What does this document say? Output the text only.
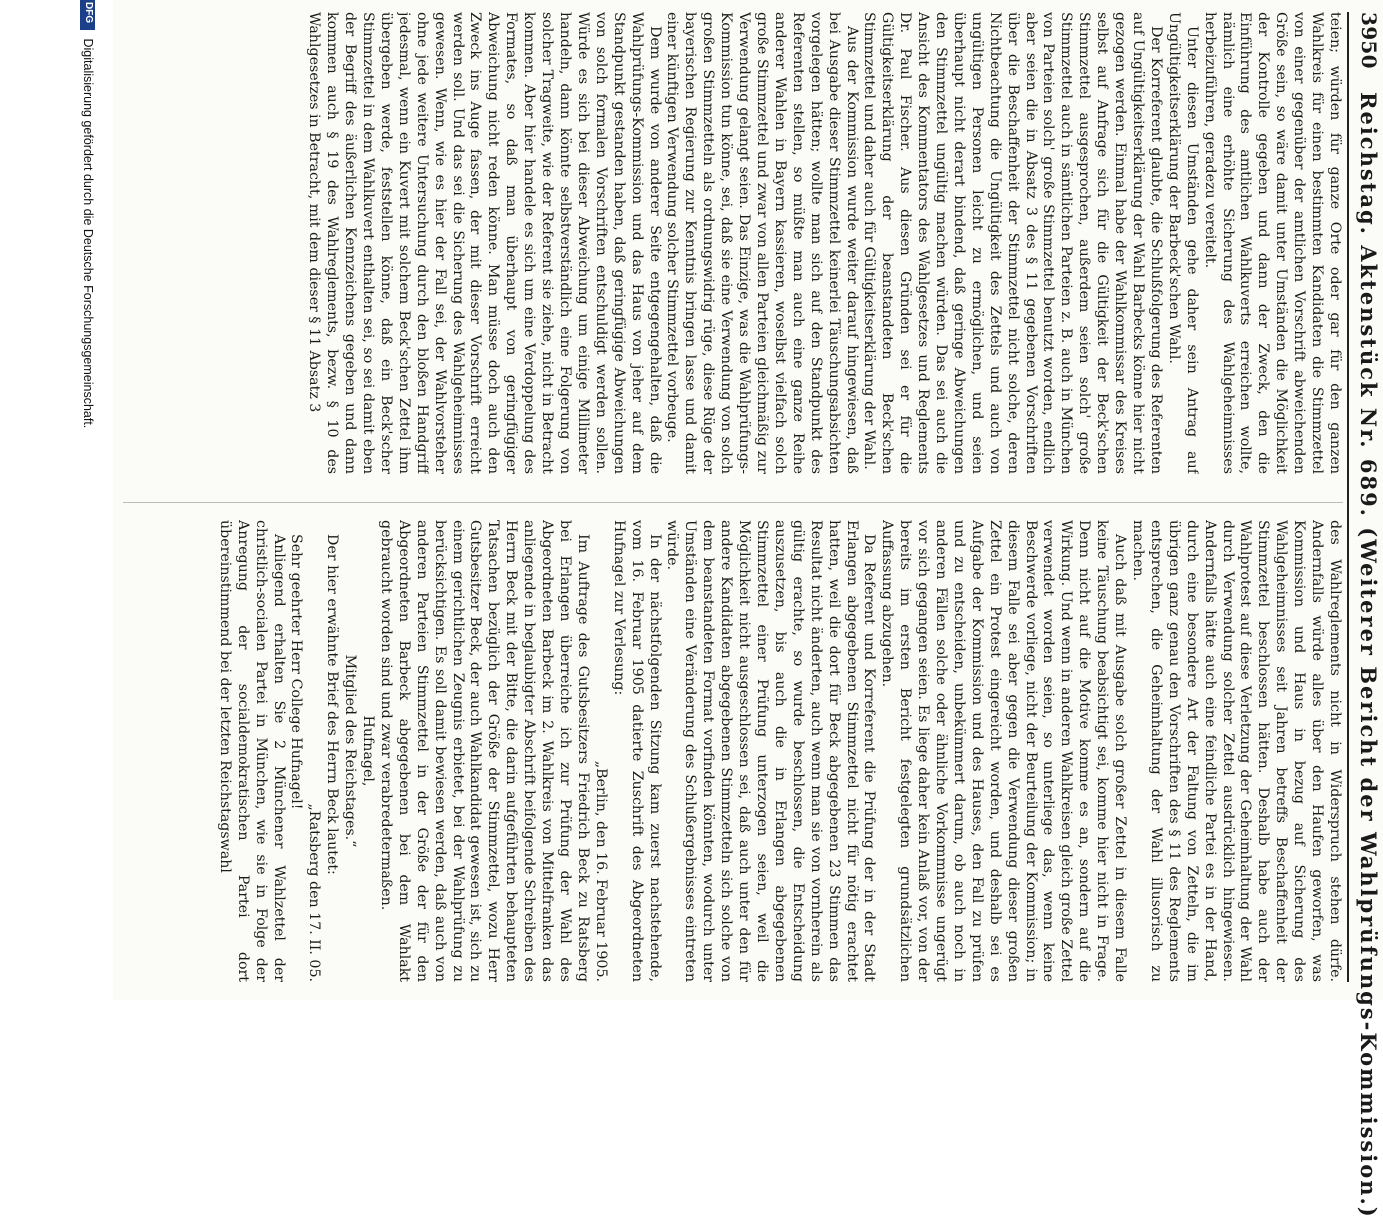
3950
Reichstag. Aktenstück Nr. 689. (Weiterer Bericht der Wahlprüfungs-Kommission.)

teien; würden für ganze Orte oder gar für den ganzen Wahlkreis für einen bestimmten Kandidaten die Stimmzettel von einer gegenüber der amtlichen Vorschrift abweichenden Größe sein, so wäre damit unter Umständen die Möglichkeit der Kontrolle gegeben und dann der Zweck, den die Einführung des amtlichen Wahlkuverts erreichen wollte, nämlich eine erhöhte Sicherung des Wahlgeheimnisses herbeizuführen, geradezu vereitelt.

Unter diesen Umständen gehe daher sein Antrag auf Ungültigkeitserklärung der Barbeck'schen Wahl.

Der Korreferent glaubte, die Schlußfolgerung des Referenten auf Ungültigkeitserklärung der Wahl Barbecks könne hier nicht gezogen werden. Einmal habe der Wahlkommissar des Kreises selbst auf Anfrage sich für die Gültigkeit der Beck'schen Stimmzettel ausgesprochen, außerdem seien solch' große Stimmzettel auch in sämtlichen Parteien z. B. auch in München von Parteien solch' große Stimmzettel benutzt worden, endlich aber seien die in Absatz 3 des § 11 gegebenen Vorschriften über die Beschaffenheit der Stimmzettel nicht solche, deren Nichtbeachtung die Ungültigkeit des Zettels und auch von ungültigen Personen leicht zu ermöglichen, und seien überhaupt nicht derart bindend, daß geringe Abweichungen den Stimmzettel ungültig machen würden. Das sei auch die Ansicht des Kommentators des Wahlgesetzes und Reglements Dr. Paul Fischer. Aus diesen Gründen sei er für die Gültigkeitserklärung der beanstandeten Beck'schen Stimmzettel und daher auch für Gültigkeitserklärung der Wahl.

Aus der Kommission wurde weiter darauf hingewiesen, daß bei Ausgabe dieser Stimmzettel keinerlei Täuschungsabsichten vorgelegen hätten; wollte man sich auf den Standpunkt des Referenten stellen, so müßte man auch eine ganze Reihe anderer Wahlen in Bayern kassieren, woselbst vielfach solch große Stimmzettel und zwar von allen Parteien gleichmäßig zur Verwendung gelangt seien. Das Einzige, was die Wahlprüfungs-Kommission tun könne, sei, daß sie eine Verwendung von solch großen Stimmzetteln als ordnungswidrig rüge, diese Rüge der bayerischen Regierung zur Kenntnis bringen lasse und damit einer künftigen Verwendung solcher Stimmzettel vorbeuge.

Dem wurde von anderer Seite entgegengehalten, daß die Wahlprüfungs-Kommission und das Haus von jeher auf dem Standpunkt gestanden haben, daß geringfügige Abweichungen von solch formalen Vorschriften entschuldigt werden sollen. Würde es sich bei dieser Abweichung um einige Millimeter handeln, dann könnte selbstverständlich eine Folgerung von solcher Tragweite, wie der Referent sie ziehe, nicht in Betracht kommen. Aber hier handele es sich um eine Verdoppelung des Formates, so daß man überhaupt von geringfügiger Abweichung nicht reden könne. Man müsse doch auch den Zweck ins Auge fassen, der mit dieser Vorschrift erreicht werden soll. Und das sei die Sicherung des Wahlgeheimnisses gewesen. Wenn, wie es hier der Fall sei, der Wahlvorsteher ohne jede weitere Untersuchung durch den bloßen Handgriff jedesmal, wenn ein Kuvert mit solchem Beck'schen Zettel ihm übergeben werde, feststellen könne, daß ein Beck'scher Stimmzettel in dem Wahlkuvert enthalten sei, so sei damit eben der Begriff des äußerlichen Kennzeichens gegeben und dann kommen auch § 19 des Wahlreglements, bezw. § 10 des Wahlgesetzes in Betracht, mit dem dieser § 11 Absatz 3

des Wahlreglements nicht in Widerspruch stehen dürfe. Andernfalls würde alles über den Haufen geworfen, was Kommission und Haus in bezug auf Sicherung des Wahlgeheimnisses seit Jahren betreffs Beschaffenheit der Stimmzettel beschlossen hätten. Deshalb habe auch der Wahlprotest auf diese Verletzung der Geheimhaltung der Wahl durch Verwendung solcher Zettel ausdrücklich hingewiesen. Andernfalls hätte auch eine feindliche Partei es in der Hand, durch eine besondere Art der Faltung von Zetteln, die im übrigen ganz genau den Vorschriften des § 11 des Reglements entsprechen, die Geheimhaltung der Wahl illusorisch zu machen.

Auch daß mit Ausgabe solch großer Zettel in diesem Falle keine Täuschung beabsichtigt sei, komme hier nicht in Frage. Denn nicht auf die Motive komme es an, sondern auf die Wirkung. Und wenn in anderen Wahlkreisen gleich große Zettel verwendet worden seien, so unterliege das, wenn keine Beschwerde vorliege, nicht der Beurteilung der Kommission; in diesem Falle sei aber gegen die Verwendung dieser großen Zettel ein Protest eingereicht worden, und deshalb sei es Aufgabe der Kommission und des Hauses, den Fall zu prüfen und zu entscheiden, unbekümmert darum, ob auch noch in anderen Fällen solche oder ähnliche Vorkommnisse ungerügt vor sich gegangen seien. Es liege daher kein Anlaß vor, von der bereits im ersten Bericht festgelegten grundsätzlichen Auffassung abzugehen.

Da Referent und Korreferent die Prüfung der in der Stadt Erlangen abgegebenen Stimmzettel nicht für nötig erachtet hatten, weil die dort für Beck abgegebenen 23 Stimmen das Resultat nicht änderten, auch wenn man sie von vornherein als gültig erachte, so wurde beschlossen, die Entscheidung auszusetzen, bis auch die in Erlangen abgegebenen Stimmzettel einer Prüfung unterzogen seien, weil die Möglichkeit nicht ausgeschlossen sei, daß auch unter den für andere Kandidaten abgegebenen Stimmzetteln sich solche von dem beanstandeten Format vorfinden könnten, wodurch unter Umständen eine Veränderung des Schlußergebnisses eintreten würde.

In der nächstfolgenden Sitzung kam zuerst nachstehende, vom 16. Februar 1905 datierte Zuschrift des Abgeordneten Hufnagel zur Verlesung:

„Berlin, den 16. Februar 1905.

Im Auftrage des Gutsbesitzers Friedrich Beck zu Ratsberg bei Erlangen überreiche ich zur Prüfung der Wahl des Abgeordneten Barbeck im 2. Wahlkreis von Mittelfranken das anliegende in beglaubigter Abschrift beifolgende Schreiben des Herrn Beck mit der Bitte, die darin aufgeführten behaupteten Tatsachen bezüglich der Größe der Stimmzettel, wozu Herr Gutsbesitzer Beck, der auch Wahlkandidat gewesen ist, sich zu einem gerichtlichen Zeugnis erbietet, bei der Wahlprüfung zu berücksichtigen. Es soll damit bewiesen werden, daß auch von anderen Parteien Stimmzettel in der Größe der für den Abgeordneten Barbeck abgegebenen bei dem Wahlakt gebraucht worden sind und zwar verabredetermaßen.

Hufnagel,

Mitglied des Reichstages.“

Der hier erwähnte Brief des Herrn Beck lautet:

„Ratsberg den 17. II. 05.

Sehr geehrter Herr College Hufnagel!

Anliegend erhalten Sie 2 Münchener Wahlzettel der christlich-socialen Partei in München, wie sie in Folge der Anregung der socialdemokratischen Partei dort übereinstimmend bei der letzten Reichstagswahl

DFG
Digitalisierung gefördert durch die Deutsche Forschungsgemeinschaft.
